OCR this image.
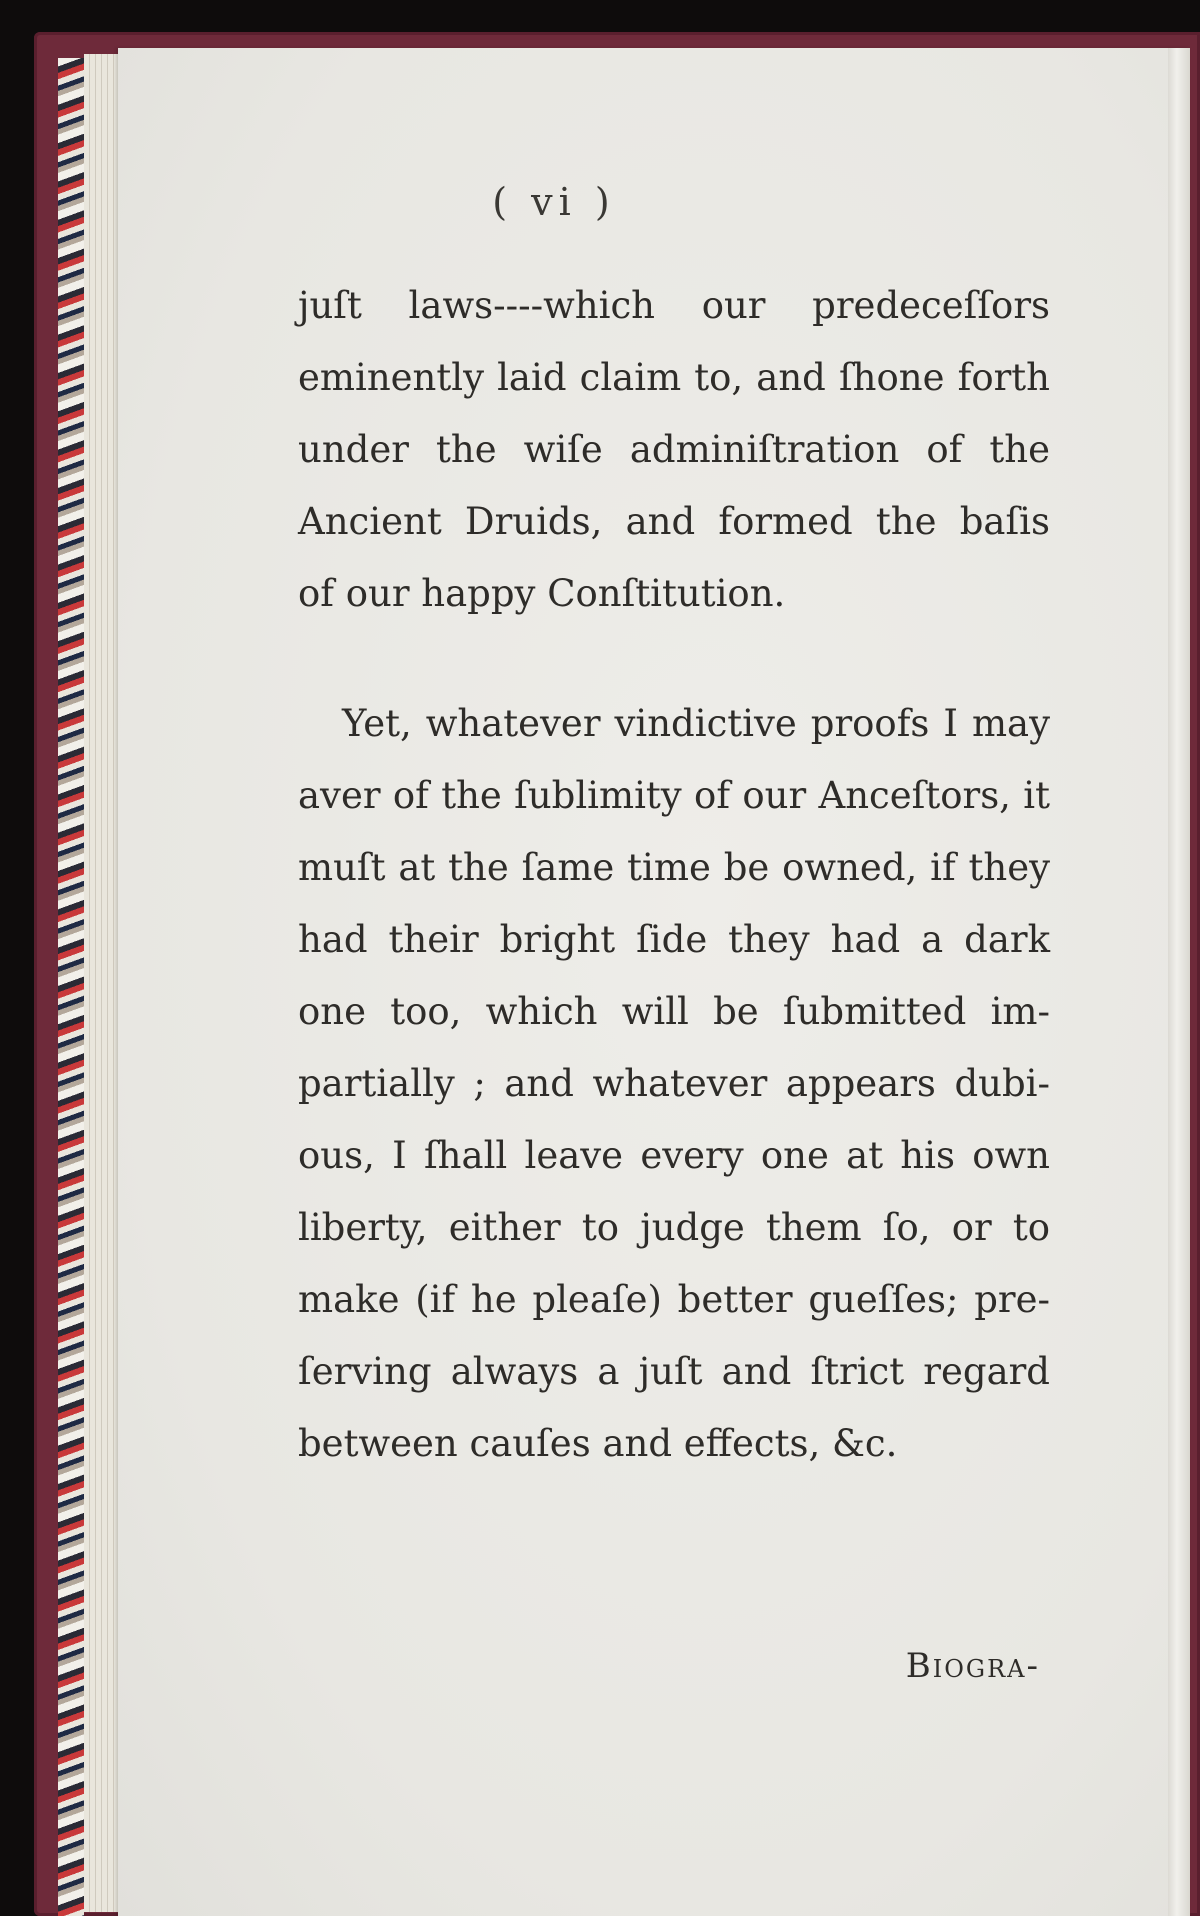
( vi )
juſt laws----which our predeceſſors
eminently laid claim to, and ſhone forth
under the wiſe adminiſtration of the
Ancient Druids, and formed the baſis
of our happy Conſtitution.
Yet, whatever vindictive proofs I may
aver of the ſublimity of our Anceſtors, it
muſt at the ſame time be owned, if they
had their bright ſide they had a dark
one too, which will be ſubmitted im-
partially ; and whatever appears dubi-
ous, I ſhall leave every one at his own
liberty, either to judge them ſo, or to
make (if he pleaſe) better gueſſes; pre-
ſerving always a juſt and ſtrict regard
between cauſes and effects, &c.
Biogra-
